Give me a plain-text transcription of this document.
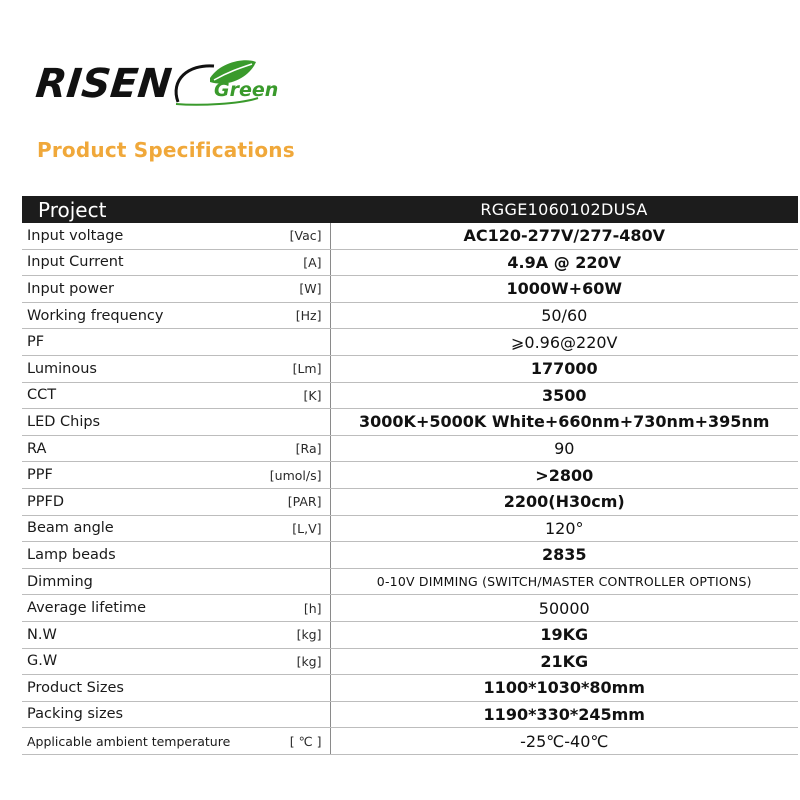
RISEN Green
Product Specifications
Project		RGGE1060102DUSA
Input voltage	[Vac]	AC120-277V/277-480V
Input Current	[A]	4.9A @ 220V
Input power	[W]	1000W+60W
Working frequency	[Hz]	50/60
PF		⩾0.96@220V
Luminous	[Lm]	177000
CCT	[K]	3500
LED Chips		3000K+5000K White+660nm+730nm+395nm
RA	[Ra]	90
PPF	[umol/s]	>2800
PPFD	[PAR]	2200(H30cm)
Beam angle	[L,V]	120°
Lamp beads		2835
Dimming		0-10V DIMMING (SWITCH/MASTER CONTROLLER OPTIONS)
Average lifetime	[h]	50000
N.W	[kg]	19KG
G.W	[kg]	21KG
Product Sizes		1100*1030*80mm
Packing sizes		1190*330*245mm
Applicable ambient temperature	[ ℃ ]	-25℃-40℃
